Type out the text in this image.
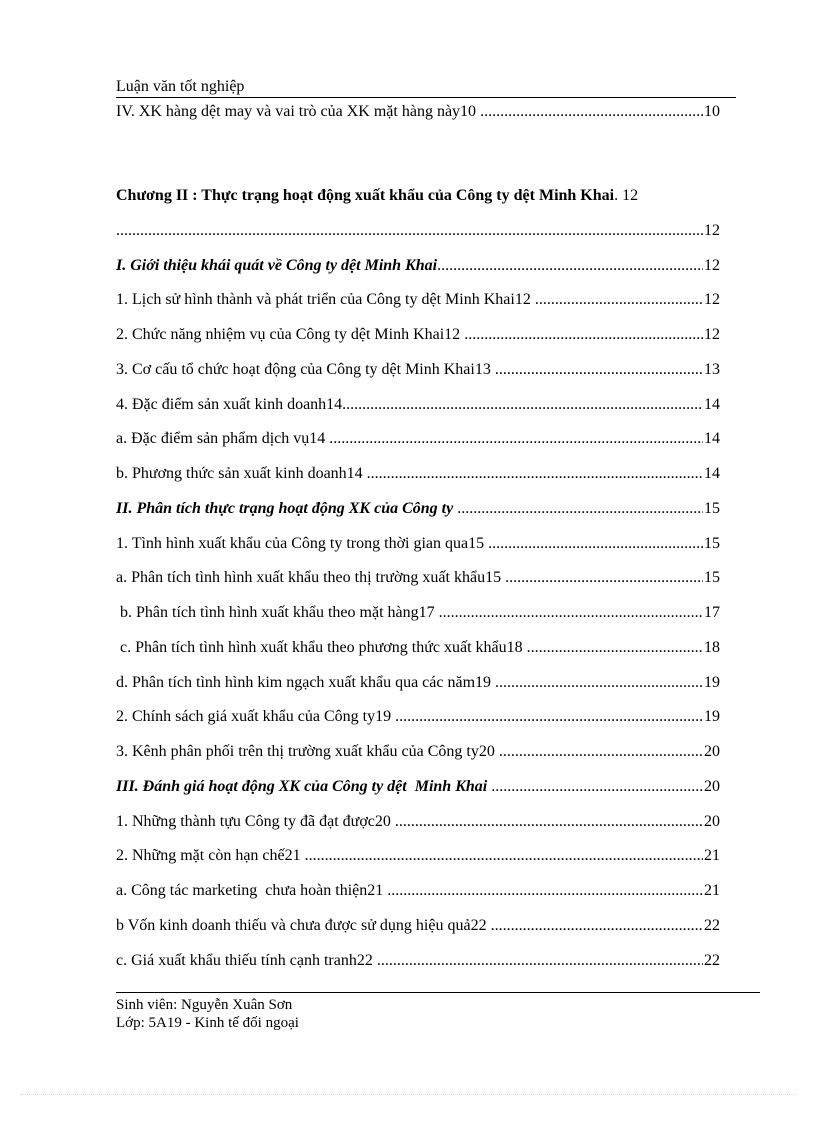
Luận văn tốt nghiệp
IV. XK hàng dệt may và vai trò của XK mặt hàng này10 .....	10
Chương II : Thực trạng hoạt động xuất khẩu của Công ty dệt Minh Khai. 12
.....
12
I. Giới thiệu khái quát về Công ty dệt Minh Khai .....	12
1. Lịch sử hình thành và phát triển của Công ty dệt Minh Khai12 .....	12
2. Chức năng nhiệm vụ của Công ty dệt Minh Khai12 .....	12
3. Cơ cấu tổ chức hoạt động của Công ty dệt Minh Khai13 .....	13
4. Đặc điểm sản xuất kinh doanh14 .....	14
a. Đặc điểm sản phẩm dịch vụ14 .....	14
b. Phương thức sản xuất kinh doanh14 .....	14
II. Phân tích thực trạng hoạt động XK của Công ty .....	15
1. Tình hình xuất khẩu của Công ty trong thời gian qua15 .....	15
a. Phân tích tình hình xuất khẩu theo thị trường xuất khẩu15 .....	15
b. Phân tích tình hình xuất khẩu theo mặt hàng17 .....	17
c. Phân tích tình hình xuất khẩu theo phương thức xuất khẩu18 .....	18
d. Phân tích tình hình kim ngạch xuất khẩu qua các năm19 .....	19
2. Chính sách giá xuất khẩu của Công ty19 .....	19
3. Kênh phân phối trên thị trường xuất khẩu của Công ty20 .....	20
III. Đánh giá hoạt động XK của Công ty dệt  Minh Khai .....	20
1. Những thành tựu Công ty đã đạt được20 .....	20
2. Những mặt còn hạn chế21 .....	21
a. Công tác marketing  chưa hoàn thiện21 .....	21
b Vốn kinh doanh thiếu và chưa được sử dụng hiệu quả22 .....	22
c. Giá xuất khẩu thiếu tính cạnh tranh22 .....	22
Sinh viên: Nguyễn Xuân Sơn
Lớp: 5A19 - Kinh tế đối ngoại
